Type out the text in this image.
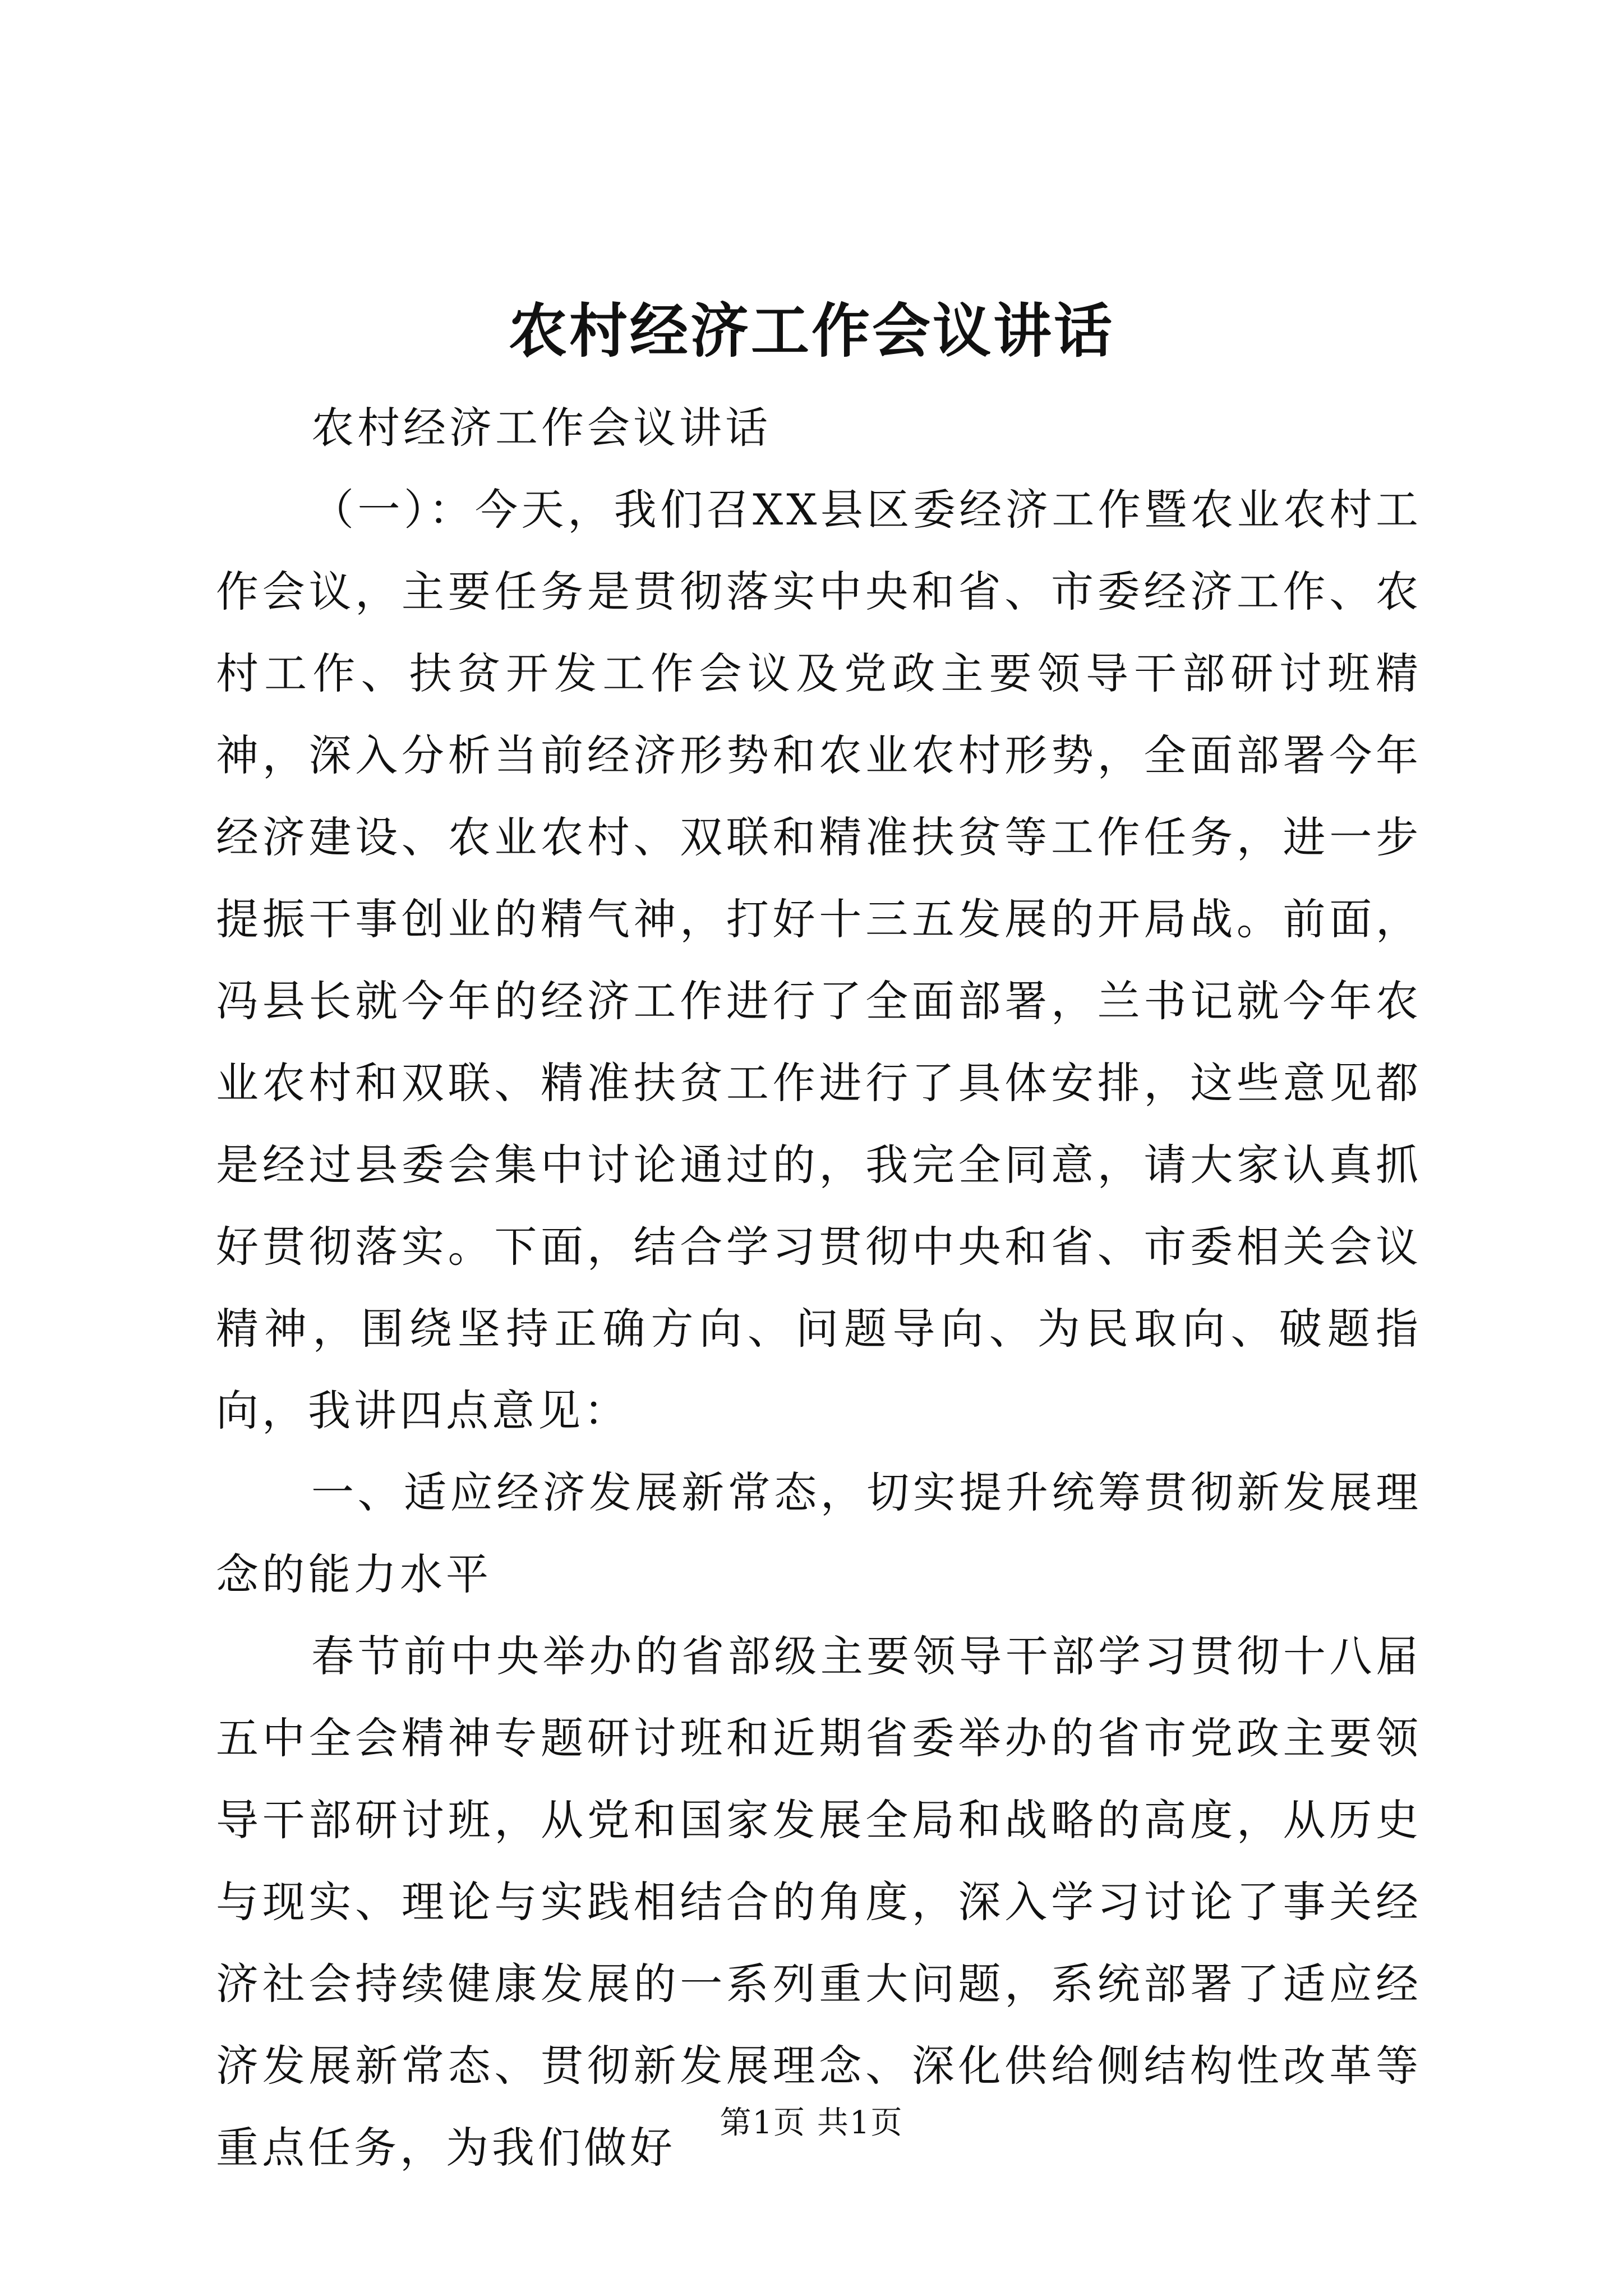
农村经济工作会议讲话

农村经济工作会议讲话

（一）：今天，我们召XX县区委经济工作暨农业农村工作会议，主要任务是贯彻落实中央和省、市委经济工作、农村工作、扶贫开发工作会议及党政主要领导干部研讨班精神，深入分析当前经济形势和农业农村形势，全面部署今年经济建设、农业农村、双联和精准扶贫等工作任务，进一步提振干事创业的精气神，打好十三五发展的开局战。前面，冯县长就今年的经济工作进行了全面部署，兰书记就今年农业农村和双联、精准扶贫工作进行了具体安排，这些意见都是经过县委会集中讨论通过的，我完全同意，请大家认真抓好贯彻落实。下面，结合学习贯彻中央和省、市委相关会议精神，围绕坚持正确方向、问题导向、为民取向、破题指向，我讲四点意见：

一、适应经济发展新常态，切实提升统筹贯彻新发展理念的能力水平

春节前中央举办的省部级主要领导干部学习贯彻十八届五中全会精神专题研讨班和近期省委举办的省市党政主要领导干部研讨班，从党和国家发展全局和战略的高度，从历史与现实、理论与实践相结合的角度，深入学习讨论了事关经济社会持续健康发展的一系列重大问题，系统部署了适应经济发展新常态、贯彻新发展理念、深化供给侧结构性改革等重点任务，为我们做好	第1页 共1页
